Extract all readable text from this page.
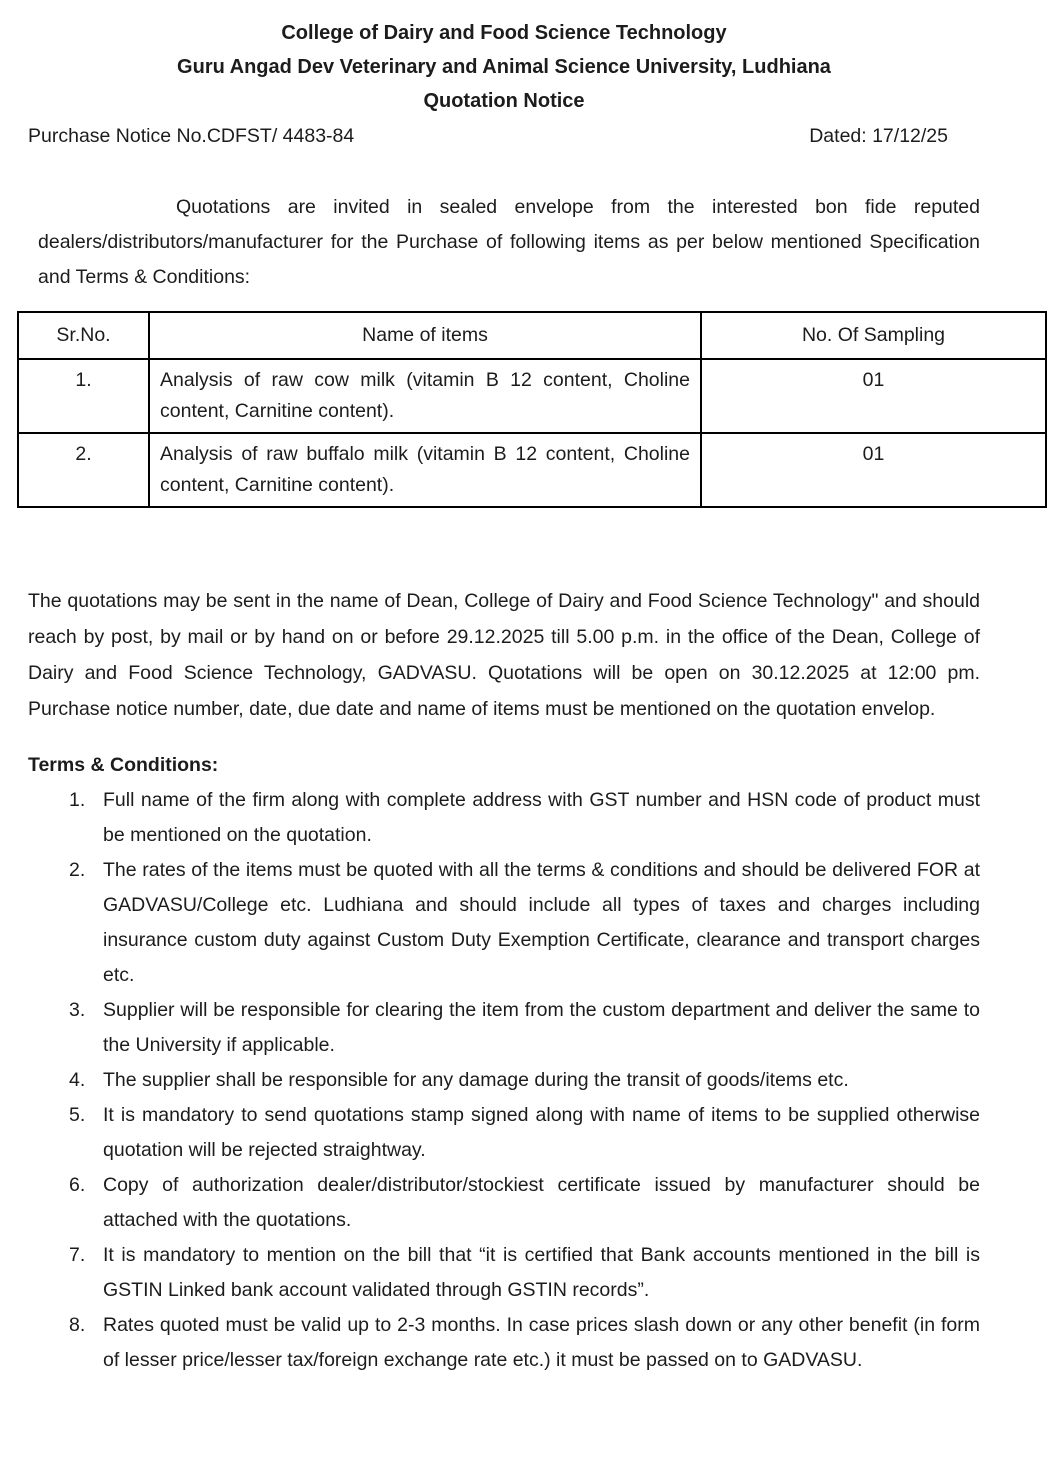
College of Dairy and Food Science Technology
Guru Angad Dev Veterinary and Animal Science University, Ludhiana
Quotation Notice
Purchase Notice No.CDFST/ 4483-84	Dated: 17/12/25

Quotations are invited in sealed envelope from the interested bon fide reputed dealers/distributors/manufacturer for the Purchase of following items as per below mentioned Specification and Terms & Conditions:

Sr.No.	Name of items	No. Of Sampling
1.	Analysis of raw cow milk (vitamin B 12 content, Choline content, Carnitine content).	01
2.	Analysis of raw buffalo milk (vitamin B 12 content, Choline content, Carnitine content).	01

The quotations may be sent in the name of Dean, College of Dairy and Food Science Technology" and should reach by post, by mail or by hand on or before 29.12.2025 till 5.00 p.m. in the office of the Dean, College of Dairy and Food Science Technology, GADVASU. Quotations will be open on 30.12.2025 at 12:00 pm. Purchase notice number, date, due date and name of items must be mentioned on the quotation envelop.

Terms & Conditions:
1. Full name of the firm along with complete address with GST number and HSN code of product must be mentioned on the quotation.
2. The rates of the items must be quoted with all the terms & conditions and should be delivered FOR at GADVASU/College etc. Ludhiana and should include all types of taxes and charges including insurance custom duty against Custom Duty Exemption Certificate, clearance and transport charges etc.
3. Supplier will be responsible for clearing the item from the custom department and deliver the same to the University if applicable.
4. The supplier shall be responsible for any damage during the transit of goods/items etc.
5. It is mandatory to send quotations stamp signed along with name of items to be supplied otherwise quotation will be rejected straightway.
6. Copy of authorization dealer/distributor/stockiest certificate issued by manufacturer should be attached with the quotations.
7. It is mandatory to mention on the bill that “it is certified that Bank accounts mentioned in the bill is GSTIN Linked bank account validated through GSTIN records”.
8. Rates quoted must be valid up to 2-3 months. In case prices slash down or any other benefit (in form of lesser price/lesser tax/foreign exchange rate etc.) it must be passed on to GADVASU.
